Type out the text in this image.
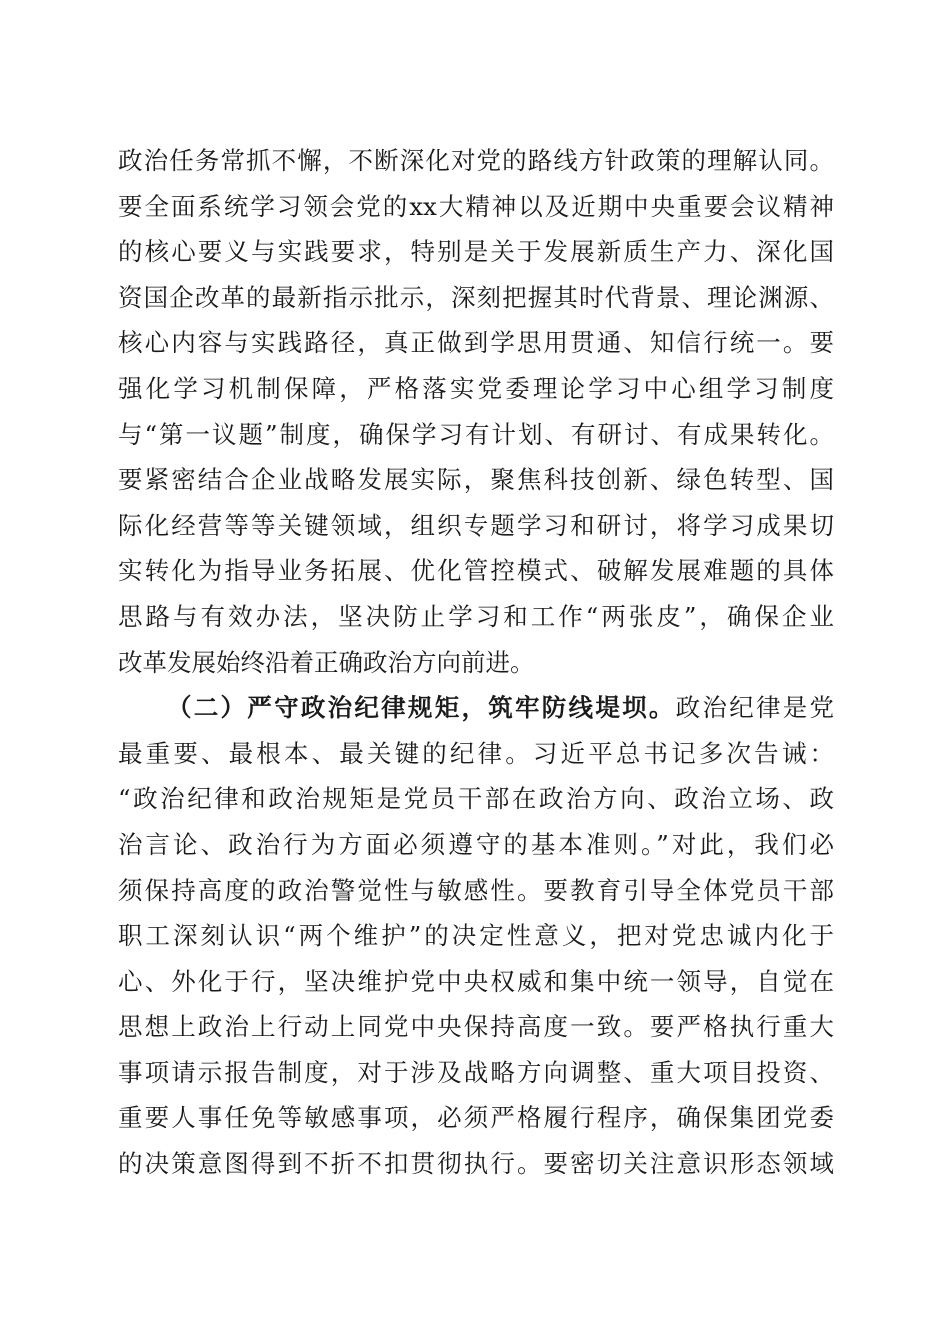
政治任务常抓不懈，不断深化对党的路线方针政策的理解认同。
要全面系统学习领会党的xx大精神以及近期中央重要会议精神
的核心要义与实践要求，特别是关于发展新质生产力、深化国
资国企改革的最新指示批示，深刻把握其时代背景、理论渊源、
核心内容与实践路径，真正做到学思用贯通、知信行统一。要
强化学习机制保障，严格落实党委理论学习中心组学习制度
与“第一议题”制度，确保学习有计划、有研讨、有成果转化。
要紧密结合企业战略发展实际，聚焦科技创新、绿色转型、国
际化经营等等关键领域，组织专题学习和研讨，将学习成果切
实转化为指导业务拓展、优化管控模式、破解发展难题的具体
思路与有效办法，坚决防止学习和工作“两张皮”，确保企业
改革发展始终沿着正确政治方向前进。
（二）严守政治纪律规矩，筑牢防线堤坝。政治纪律是党
最重要、最根本、最关键的纪律。习近平总书记多次告诫：
“政治纪律和政治规矩是党员干部在政治方向、政治立场、政
治言论、政治行为方面必须遵守的基本准则。”对此，我们必
须保持高度的政治警觉性与敏感性。要教育引导全体党员干部
职工深刻认识“两个维护”的决定性意义，把对党忠诚内化于
心、外化于行，坚决维护党中央权威和集中统一领导，自觉在
思想上政治上行动上同党中央保持高度一致。要严格执行重大
事项请示报告制度，对于涉及战略方向调整、重大项目投资、
重要人事任免等敏感事项，必须严格履行程序，确保集团党委
的决策意图得到不折不扣贯彻执行。要密切关注意识形态领域
